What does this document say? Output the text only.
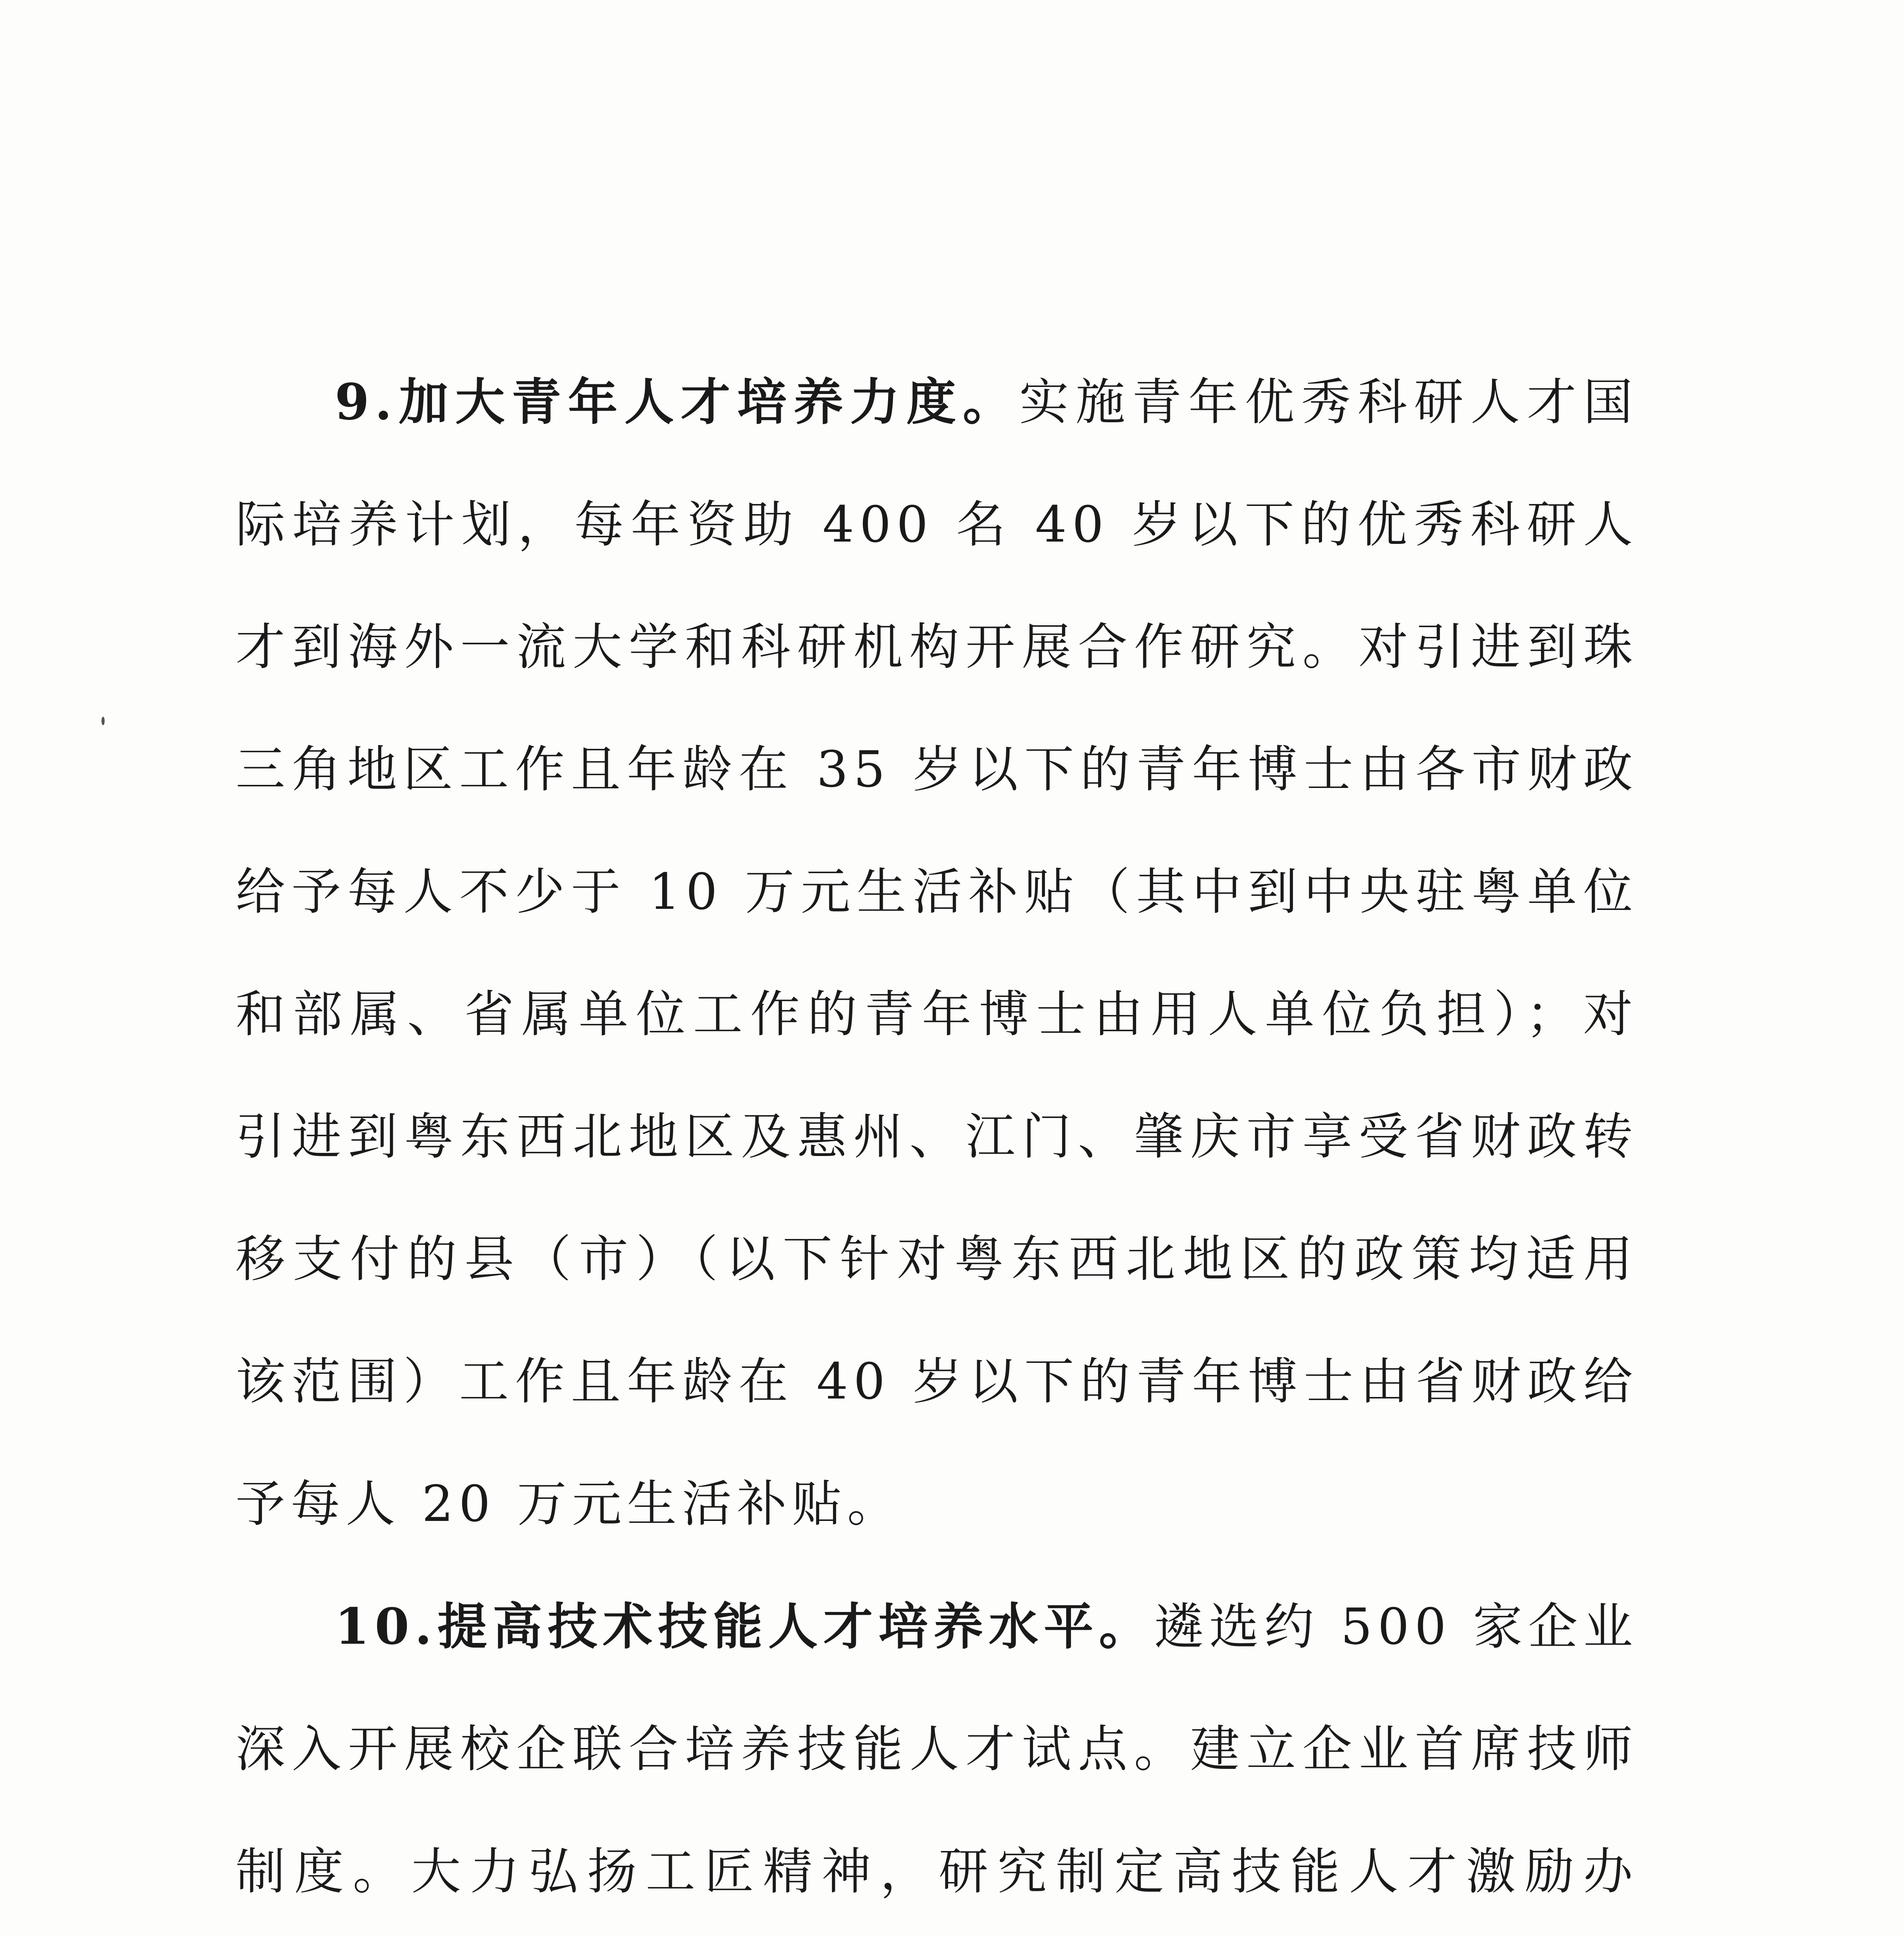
9.加大青年人才培养力度。实施青年优秀科研人才国际培养计划，每年资助 400 名 40 岁以下的优秀科研人才到海外一流大学和科研机构开展合作研究。对引进到珠三角地区工作且年龄在 35 岁以下的青年博士由各市财政给予每人不少于 10 万元生活补贴（其中到中央驻粤单位和部属、省属单位工作的青年博士由用人单位负担）；对引进到粤东西北地区及惠州、江门、肇庆市享受省财政转移支付的县（市）（以下针对粤东西北地区的政策均适用该范围）工作且年龄在 40 岁以下的青年博士由省财政给予每人 20 万元生活补贴。

10.提高技术技能人才培养水平。遴选约 500 家企业深入开展校企联合培养技能人才试点。建立企业首席技师制度。大力弘扬工匠精神，研究制定高技能人才激励办
